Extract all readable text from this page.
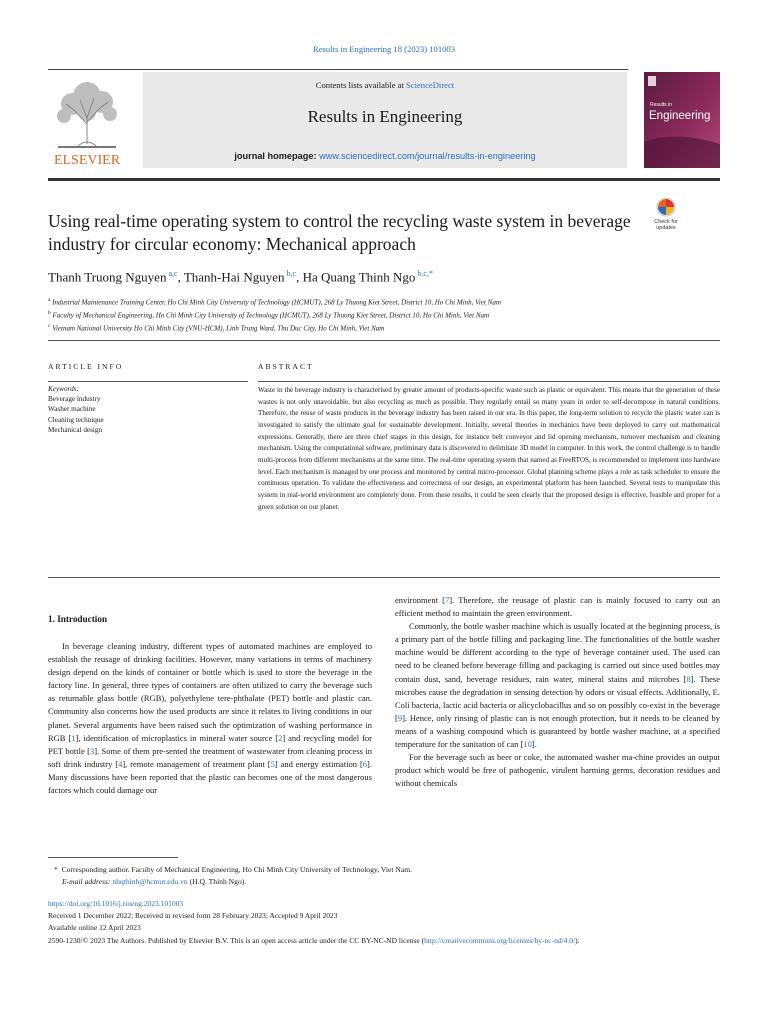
Results in Engineering 18 (2023) 101003
ELSEVIER
Contents lists available at ScienceDirect
Results in Engineering
journal homepage: www.sciencedirect.com/journal/results-in-engineering
Results in
Engineering
Check for
updates
Using real-time operating system to control the recycling waste system in beverage industry for circular economy: Mechanical approach
Thanh Truong Nguyen $^{a,c}$, Thanh-Hai Nguyen $^{b,c}$, Ha Quang Thinh Ngo $^{b,c,*}$
$^a$ Industrial Maintenance Training Center, Ho Chi Minh City University of Technology (HCMUT), 268 Ly Thuong Kiet Street, District 10, Ho Chi Minh, Viet Nam
$^b$ Faculty of Mechanical Engineering, Ho Chi Minh City University of Technology (HCMUT), 268 Ly Thuong Kiet Street, District 10, Ho Chi Minh, Viet Nam
$^c$ Vietnam National University Ho Chi Minh City (VNU-HCM), Linh Trung Ward, Thu Duc City, Ho Chi Minh, Viet Nam
ARTICLE INFO	ABSTRACT
Keywords:
Beverage industry
Washer machine
Cleaning technique
Mechanical design
Waste in the beverage industry is characterised by greater amount of products-specific waste such as plastic or equivalent. This means that the generation of these wastes is not only unavoidable, but also recycling as much as possible. They regularly entail so many years in order to self-decompose in natural conditions. Therefore, the reuse of waste products in the beverage industry has been raised in our era. In this paper, the long-term solution to recycle the plastic water can is investigated to satisfy the ultimate goal for sustainable development. Initially, several theories in mechanics have been deployed to carry out mathematical expressions. Generally, there are three chief stages in this design, for instance belt conveyor and lid opening mechanism, turnover mechanism and cleaning mechanism. Using the computational software, preliminary data is discovered to delimitate 3D model in computer. In this work, the control challenge is to handle multi-process from different mechanisms at the same time. The real-time operating system that named as FreeRTOS, is recommended to implement into hardware level. Each mechanism is managed by one process and monitored by central micro-processor. Global planning scheme plays a role as task scheduler to ensure the continuous operation. To validate the effectiveness and correctness of our design, an experimental platform has been launched. Several tests to manipulate this system in real-world environment are completely done. From these results, it could be seen clearly that the proposed design is effective, feasible and proper for a green solution on our planet.
1. Introduction

In beverage cleaning industry, different types of automated machines are employed to establish the reusage of drinking facilities. However, many variations in terms of machinery design depend on the kinds of container or bottle which is used to store the beverage in the factory line. In general, three types of containers are often utilized to carry the beverage such as returnable glass bottle (RGB), polyethylene tere-phthalate (PET) bottle and plastic can. Community also concerns how the used products are since it relates to living conditions in our planet. Several arguments have been raised such the optimization of washing performance in RGB [1], identification of microplastics in mineral water source [2] and recycling model for PET bottle [3]. Some of them pre-sented the treatment of wastewater from cleaning process in soft drink industry [4], remote management of treatment plant [5] and energy estimation [6]. Many discussions have been reported that the plastic can becomes one of the most dangerous factors which could damage our

environment [7]. Therefore, the reusage of plastic can is mainly focused to carry out an efficient method to maintain the green environment.

Commonly, the bottle washer machine which is usually located at the beginning process, is a primary part of the bottle filling and packaging line. The functionalities of the bottle washer machine would be different according to the type of beverage container used. The used can need to be cleaned before beverage filling and packaging is carried out since used bottles may contain dust, sand, beverage residues, rain water, mineral stains and microbes [8]. These microbes cause the degradation in sensing detection by odors or visual effects. Additionally, E. Coli bacteria, lactic acid bacteria or alicyclobacillus and so on possibly co-exist in the beverage [9]. Hence, only rinsing of plastic can is not enough protection, but it needs to be cleaned by means of a washing compound which is guaranteed by bottle washer machine, at a specified temperature for the sanitation of can [10].

For the beverage such as beer or coke, the automated washer ma-chine provides an output product which would be free of pathogenic, virulent harming germs, decoration residues and without chemicals

* Corresponding author. Faculty of Mechanical Engineering, Ho Chi Minh City University of Technology, Viet Nam.
E-mail address: nhqthinh@hcmut.edu.vn (H.Q. Thinh Ngo).
https://doi.org/10.1016/j.rineng.2023.101003
Received 1 December 2022; Received in revised form 28 February 2023; Accepted 9 April 2023
Available online 12 April 2023
2590-1230/© 2023 The Authors. Published by Elsevier B.V. This is an open access article under the CC BY-NC-ND license (http://creativecommons.org/licenses/by-nc-nd/4.0/).
